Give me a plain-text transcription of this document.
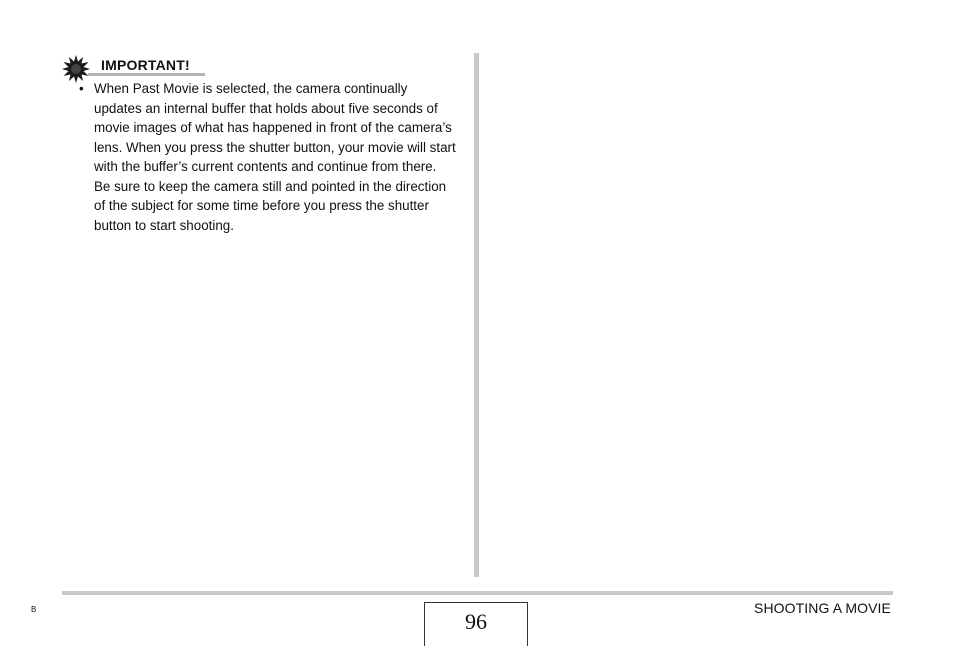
IMPORTANT!
• When Past Movie is selected, the camera continually updates an internal buffer that holds about five seconds of movie images of what has happened in front of the camera’s lens. When you press the shutter button, your movie will start with the buffer’s current contents and continue from there. Be sure to keep the camera still and pointed in the direction of the subject for some time before you press the shutter button to start shooting.
96
B	SHOOTING A MOVIE
